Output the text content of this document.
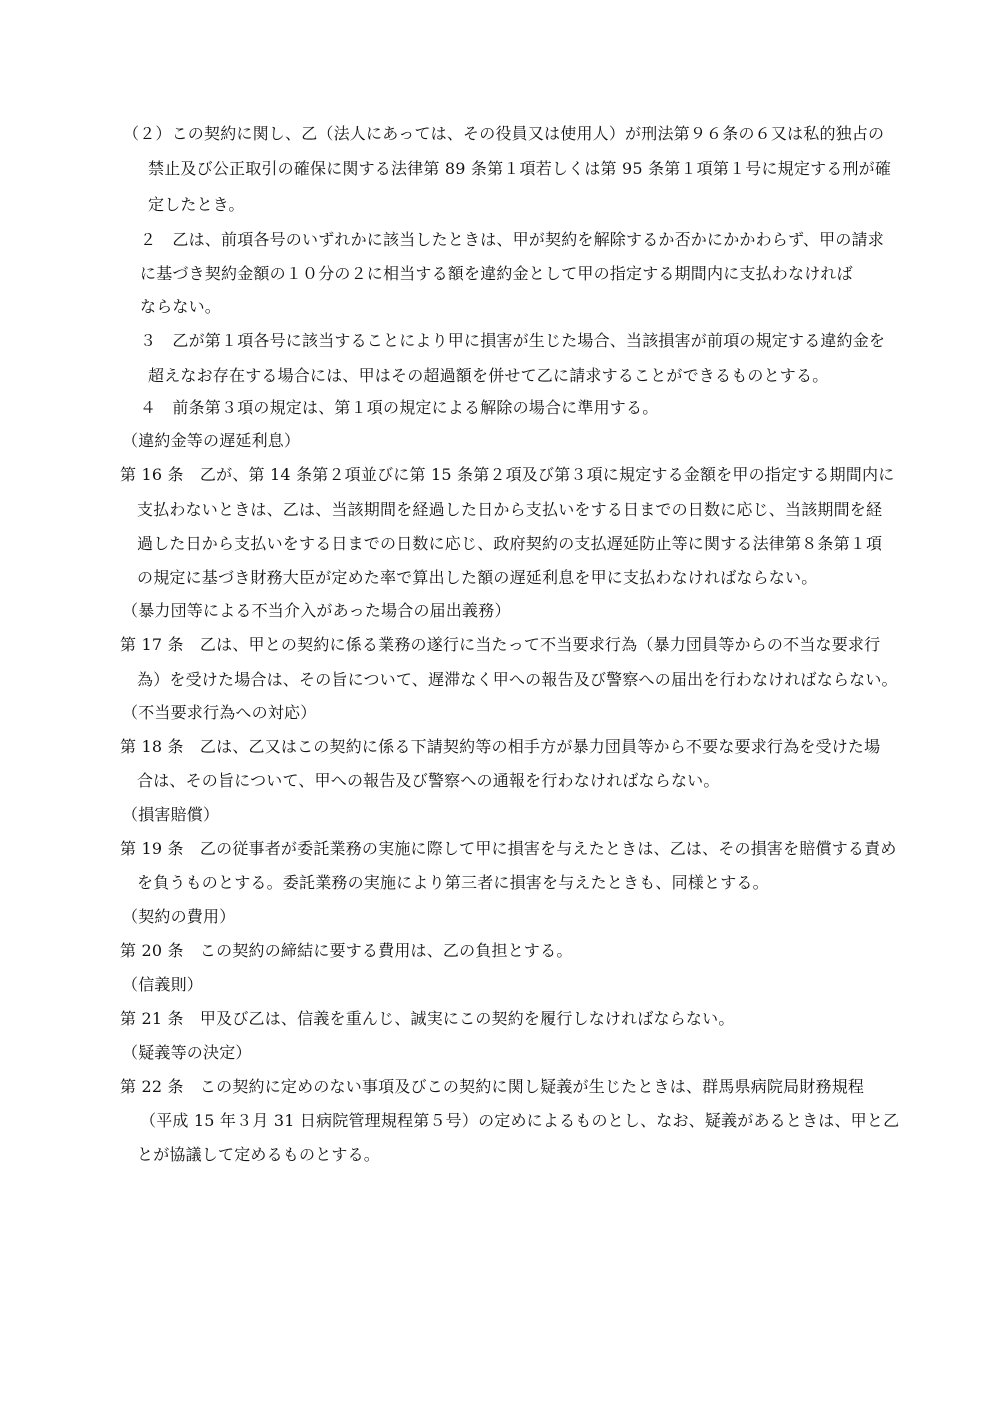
（２）この契約に関し、乙（法人にあっては、その役員又は使用人）が刑法第９６条の６又は私的独占の
禁止及び公正取引の確保に関する法律第 89 条第１項若しくは第 95 条第１項第１号に規定する刑が確
定したとき。
２　乙は、前項各号のいずれかに該当したときは、甲が契約を解除するか否かにかかわらず、甲の請求
に基づき契約金額の１０分の２に相当する額を違約金として甲の指定する期間内に支払わなければ
ならない。
３　乙が第１項各号に該当することにより甲に損害が生じた場合、当該損害が前項の規定する違約金を
超えなお存在する場合には、甲はその超過額を併せて乙に請求することができるものとする。
４　前条第３項の規定は、第１項の規定による解除の場合に準用する。
（違約金等の遅延利息）
第 16 条　乙が、第 14 条第２項並びに第 15 条第２項及び第３項に規定する金額を甲の指定する期間内に
支払わないときは、乙は、当該期間を経過した日から支払いをする日までの日数に応じ、当該期間を経
過した日から支払いをする日までの日数に応じ、政府契約の支払遅延防止等に関する法律第８条第１項
の規定に基づき財務大臣が定めた率で算出した額の遅延利息を甲に支払わなければならない。
（暴力団等による不当介入があった場合の届出義務）
第 17 条　乙は、甲との契約に係る業務の遂行に当たって不当要求行為（暴力団員等からの不当な要求行
為）を受けた場合は、その旨について、遅滞なく甲への報告及び警察への届出を行わなければならない。
（不当要求行為への対応）
第 18 条　乙は、乙又はこの契約に係る下請契約等の相手方が暴力団員等から不要な要求行為を受けた場
合は、その旨について、甲への報告及び警察への通報を行わなければならない。
（損害賠償）
第 19 条　乙の従事者が委託業務の実施に際して甲に損害を与えたときは、乙は、その損害を賠償する責め
を負うものとする。委託業務の実施により第三者に損害を与えたときも、同様とする。
（契約の費用）
第 20 条　この契約の締結に要する費用は、乙の負担とする。
（信義則）
第 21 条　甲及び乙は、信義を重んじ、誠実にこの契約を履行しなければならない。
（疑義等の決定）
第 22 条　この契約に定めのない事項及びこの契約に関し疑義が生じたときは、群馬県病院局財務規程
（平成 15 年３月 31 日病院管理規程第５号）の定めによるものとし、なお、疑義があるときは、甲と乙
とが協議して定めるものとする。
